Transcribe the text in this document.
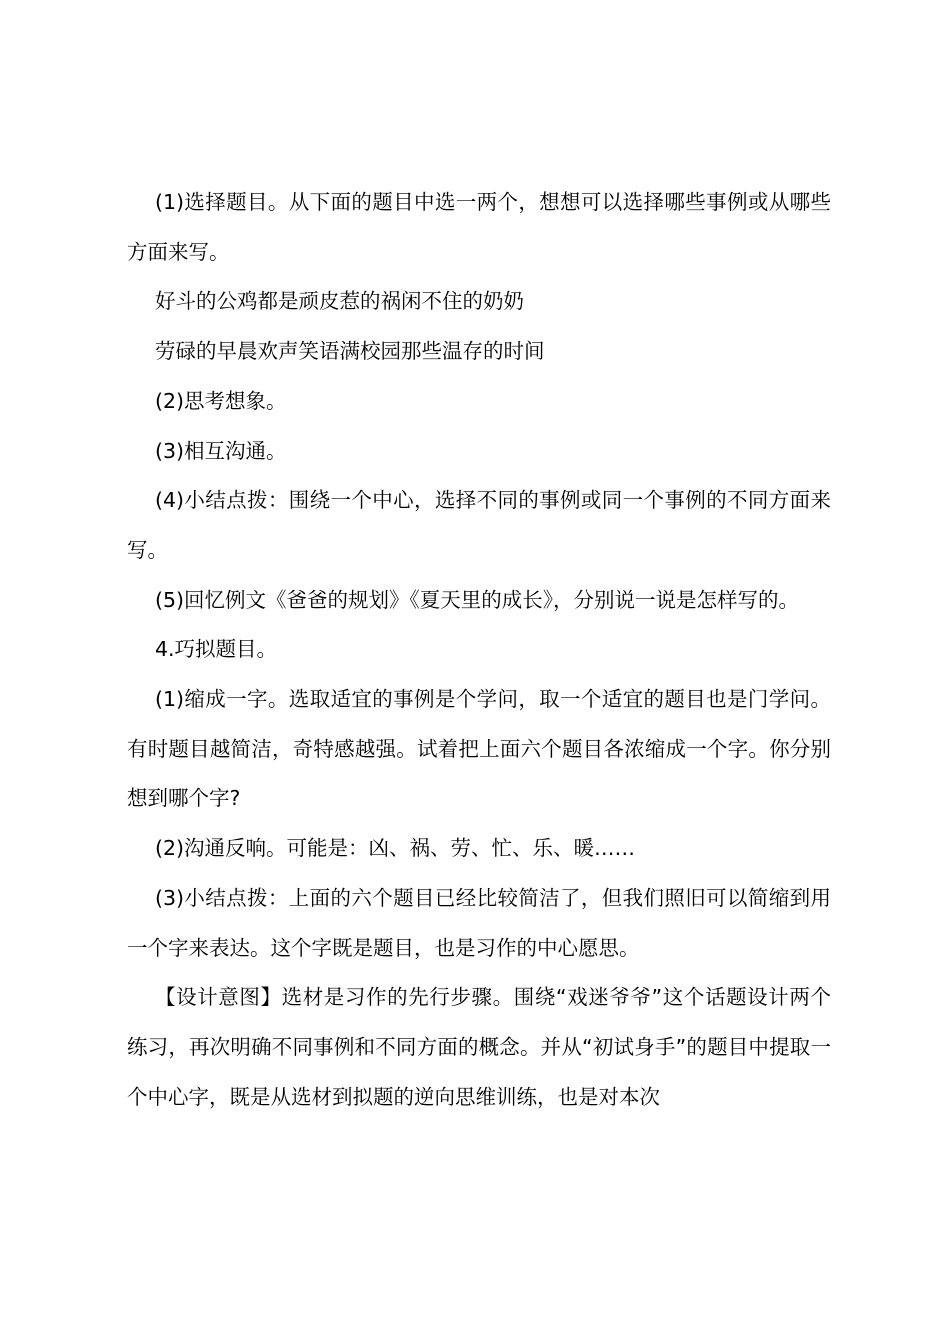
(1)选择题目。从下面的题目中选一两个，想想可以选择哪些事例或从哪些方面来写。

好斗的公鸡都是顽皮惹的祸闲不住的奶奶

劳碌的早晨欢声笑语满校园那些温存的时间

(2)思考想象。

(3)相互沟通。

(4)小结点拨：围绕一个中心，选择不同的事例或同一个事例的不同方面来写。

(5)回忆例文《爸爸的规划》《夏天里的成长》，分别说一说是怎样写的。

4.巧拟题目。

(1)缩成一字。选取适宜的事例是个学问，取一个适宜的题目也是门学问。有时题目越简洁，奇特感越强。试着把上面六个题目各浓缩成一个字。你分别想到哪个字?

(2)沟通反响。可能是：凶、祸、劳、忙、乐、暖……

(3)小结点拨：上面的六个题目已经比较简洁了，但我们照旧可以简缩到用一个字来表达。这个字既是题目，也是习作的中心愿思。

【设计意图】选材是习作的先行步骤。围绕“戏迷爷爷”这个话题设计两个练习，再次明确不同事例和不同方面的概念。并从“初试身手”的题目中提取一个中心字，既是从选材到拟题的逆向思维训练，也是对本次
